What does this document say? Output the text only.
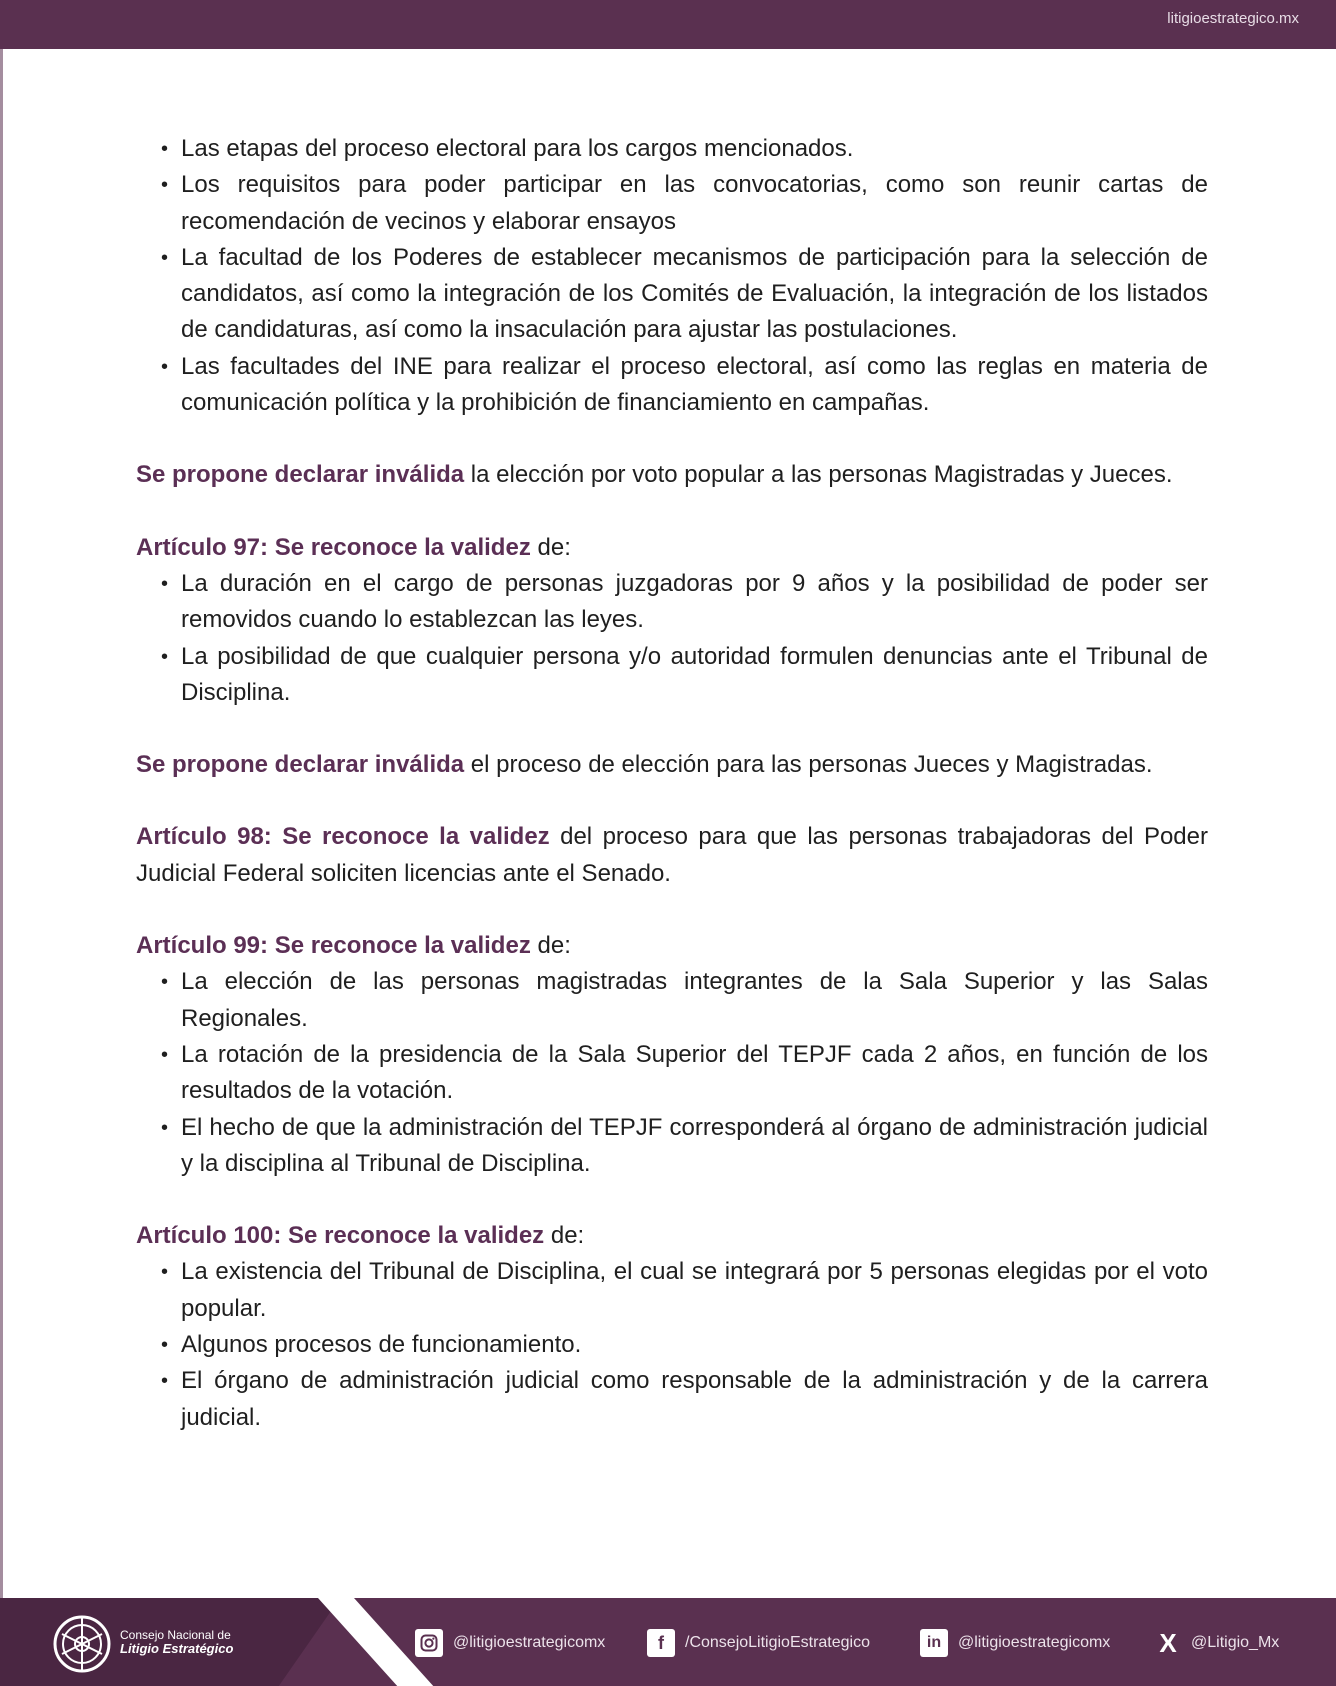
litigioestrategico.mx
• Las etapas del proceso electoral para los cargos mencionados.
• Los requisitos para poder participar en las convocatorias, como son reunir cartas de recomendación de vecinos y elaborar ensayos
• La facultad de los Poderes de establecer mecanismos de participación para la selección de candidatos, así como la integración de los Comités de Evaluación, la integración de los listados de candidaturas, así como la insaculación para ajustar las postulaciones.
• Las facultades del INE para realizar el proceso electoral, así como las reglas en materia de comunicación política y la prohibición de financiamiento en campañas.

Se propone declarar inválida la elección por voto popular a las personas Magistradas y Jueces.

Artículo 97: Se reconoce la validez de:

• La duración en el cargo de personas juzgadoras por 9 años y la posibilidad de poder ser removidos cuando lo establezcan las leyes.
• La posibilidad de que cualquier persona y/o autoridad formulen denuncias ante el Tribunal de Disciplina.

Se propone declarar inválida el proceso de elección para las personas Jueces y Magistradas.

Artículo 98: Se reconoce la validez del proceso para que las personas trabajadoras del Poder Judicial Federal soliciten licencias ante el Senado.

Artículo 99: Se reconoce la validez de:

• La elección de las personas magistradas integrantes de la Sala Superior y las Salas Regionales.
• La rotación de la presidencia de la Sala Superior del TEPJF cada 2 años, en función de los resultados de la votación.
• El hecho de que la administración del TEPJF corresponderá al órgano de administración judicial y la disciplina al Tribunal de Disciplina.

Artículo 100: Se reconoce la validez de:

• La existencia del Tribunal de Disciplina, el cual se integrará por 5 personas elegidas por el voto popular.
• Algunos procesos de funcionamiento.
• El órgano de administración judicial como responsable de la administración y de la carrera judicial.
Consejo Nacional de
Litigio Estratégico	@litigioestrategicomx	f	/ConsejoLitigioEstrategico	in	@litigioestrategicomx X @Litigio_Mx
